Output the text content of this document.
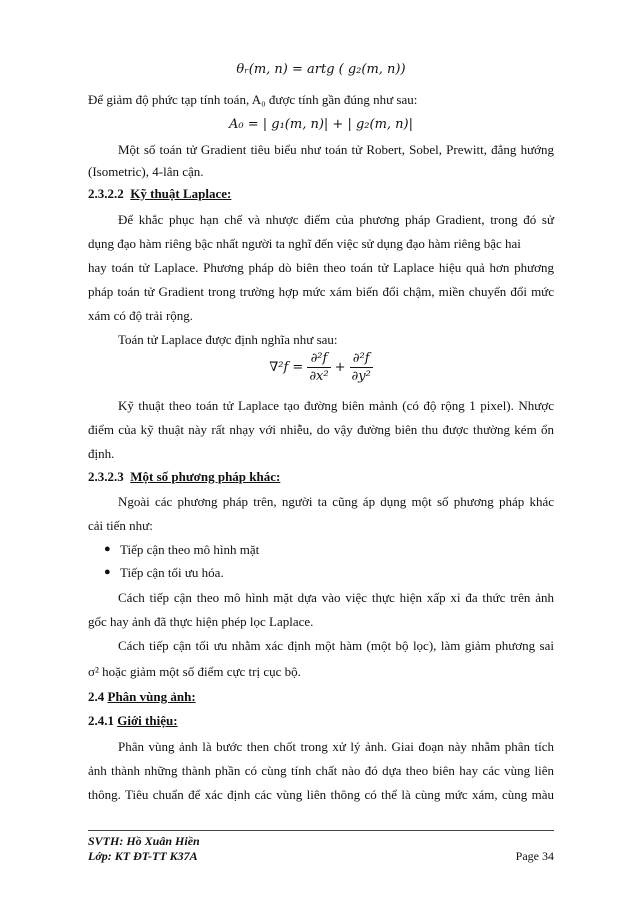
θᵣ(m, n) = artg ( g₂(m, n))
Để giảm độ phức tạp tính toán, A₀ được tính gần đúng như sau:
A₀ = | g₁(m, n)| + | g₂(m, n)|
Một số toán tử Gradient tiêu biểu như toán tử Robert, Sobel, Prewitt, đẳng hướng
(Isometric), 4-lân cận.
2.3.2.2 Kỹ thuật Laplace:
Để khắc phục hạn chế và nhược điểm của phương pháp Gradient, trong đó sử
dụng đạo hàm riêng bậc nhất người ta nghĩ đến việc sử dụng đạo hàm riêng bậc hai
hay toán tử Laplace. Phương pháp dò biên theo toán tử Laplace hiệu quả hơn phương
pháp toán tử Gradient trong trường hợp mức xám biến đổi chậm, miền chuyển đổi mức
xám có độ trải rộng.
Toán tử Laplace được định nghĩa như sau:
$\nabla^2f = \frac{\text{∂²f}}{\text{∂x²}} + \frac{\text{∂²f}}{\text{∂y²}}$
Kỹ thuật theo toán tử Laplace tạo đường biên mảnh (có độ rộng 1 pixel). Nhược
điểm của kỹ thuật này rất nhạy với nhiễu, do vậy đường biên thu được thường kém ổn
định.
2.3.2.3 Một số phương pháp khác:
Ngoài các phương pháp trên, người ta cũng áp dụng một số phương pháp khác
cải tiến như:
● Tiếp cận theo mô hình mặt
● Tiếp cận tối ưu hóa.
Cách tiếp cận theo mô hình mặt dựa vào việc thực hiện xấp xỉ đa thức trên ảnh
gốc hay ảnh đã thực hiện phép lọc Laplace.
Cách tiếp cận tối ưu nhằm xác định một hàm (một bộ lọc), làm giảm phương sai
σ² hoặc giảm một số điểm cực trị cục bộ.
2.4 Phân vùng ảnh:
2.4.1 Giới thiệu:
Phân vùng ảnh là bước then chốt trong xử lý ảnh. Giai đoạn này nhằm phân tích
ảnh thành những thành phần có cùng tính chất nào đó dựa theo biên hay các vùng liên
thông. Tiêu chuẩn để xác định các vùng liên thông có thể là cùng mức xám, cùng màu
SVTH: Hồ Xuân Hiền
Lớp: KT ĐT-TT K37A	Page 34
